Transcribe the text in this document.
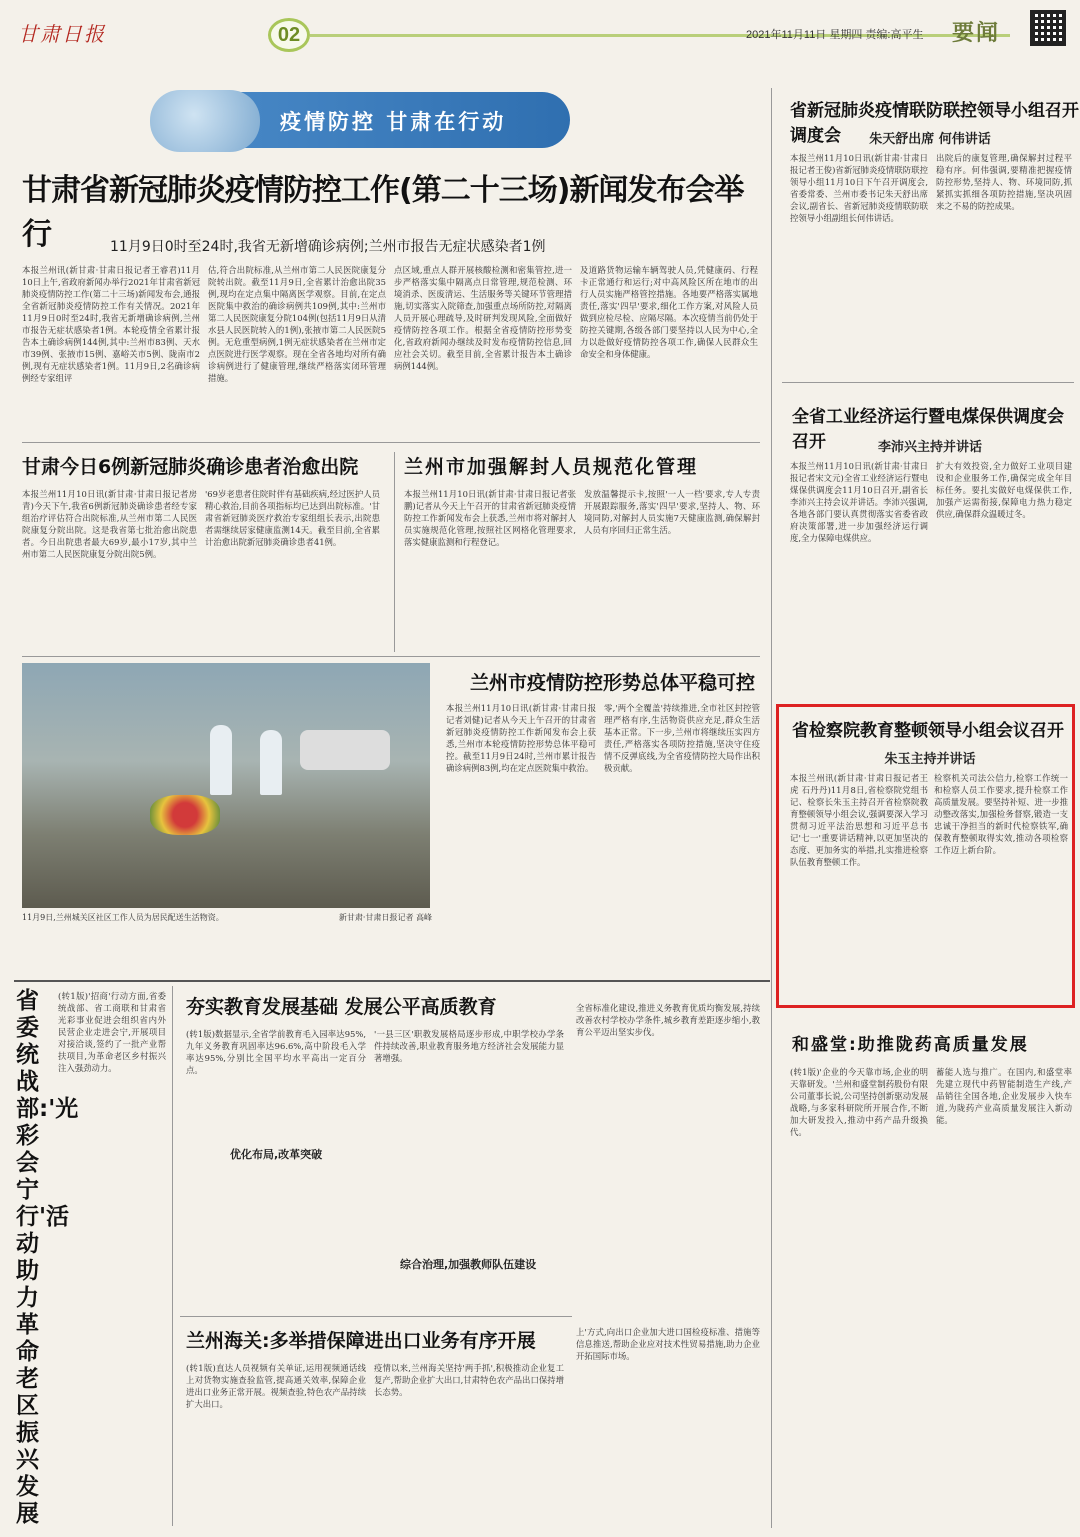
甘肃日报	02	2021年11月11日 星期四 责编:高平生 要闻
疫情防控 甘肃在行动
甘肃省新冠肺炎疫情防控工作(第二十三场)新闻发布会举行	11月9日0时至24时,我省无新增确诊病例;兰州市报告无症状感染者1例
本报兰州讯(新甘肃·甘肃日报记者王睿君)11月10日上午,省政府新闻办举行2021年甘肃省新冠肺炎疫情防控工作(第二十三场)新闻发布会,通报全省新冠肺炎疫情防控工作有关情况。2021年11月9日0时至24时,我省无新增确诊病例,兰州市报告无症状感染者1例。本轮疫情全省累计报告本土确诊病例144例,其中:兰州市83例、天水市39例、张掖市15例、嘉峪关市5例、陇南市2例,现有无症状感染者1例。11月9日,2名确诊病例经专家组评
估,符合出院标准,从兰州市第二人民医院康复分院转出院。截至11月9日,全省累计治愈出院35例,现均在定点集中隔离医学观察。目前,在定点医院集中救治的确诊病例共109例,其中:兰州市第二人民医院康复分院104例(包括11月9日从清水县人民医院转入的1例),张掖市第二人民医院5例。无危重型病例,1例无症状感染者在兰州市定点医院进行医学观察。现在全省各地均对所有确诊病例进行了健康管理,继续严格落实闭环管理措施。
点区域,重点人群开展核酸检测和密集管控,进一步严格落实集中隔离点日常管理,规范检测、环境消杀、医废清运、生活服务等关键环节管理措施,切实落实入院筛查,加强重点场所防控,对隔离人员开展心理疏导,及时研判发现风险,全面做好疫情防控各项工作。根据全省疫情防控形势变化,省政府新闻办继续及时发布疫情防控信息,回应社会关切。截至目前,全省累计报告本土确诊病例144例。
及道路货物运输车辆驾驶人员,凭健康码、行程卡正常通行和运行;对中高风险区所在地市的出行人员实施严格管控措施。各地要严格落实属地责任,落实'四早'要求,细化工作方案,对风险人员做到应检尽检、应隔尽隔。本次疫情当前仍处于防控关键期,各级各部门要坚持以人民为中心,全力以赴做好疫情防控各项工作,确保人民群众生命安全和身体健康。
甘肃今日6例新冠肺炎确诊患者治愈出院
本报兰州11月10日讯(新甘肃·甘肃日报记者房青)今天下午,我省6例新冠肺炎确诊患者经专家组治疗评估符合出院标准,从兰州市第二人民医院康复分院出院。这是我省第七批治愈出院患者。今日出院患者最大69岁,最小17岁,其中兰州市第二人民医院康复分院出院5例。
'69岁老患者住院时伴有基础疾病,经过医护人员精心救治,目前各项指标均已达到出院标准。'甘肃省新冠肺炎医疗救治专家组组长表示,出院患者需继续居家健康监测14天。截至目前,全省累计治愈出院新冠肺炎确诊患者41例。
兰州市加强解封人员规范化管理
本报兰州11月10日讯(新甘肃·甘肃日报记者张鹏)记者从今天上午召开的甘肃省新冠肺炎疫情防控工作新闻发布会上获悉,兰州市将对解封人员实施规范化管理,按照社区网格化管理要求,落实健康监测和行程登记。
发放温馨提示卡,按照'一人一档'要求,专人专责开展跟踪服务,落实'四早'要求,坚持人、物、环境同防,对解封人员实施7天健康监测,确保解封人员有序回归正常生活。
11月9日,兰州城关区社区工作人员为居民配送生活物资。	新甘肃·甘肃日报记者 高峰
兰州市疫情防控形势总体平稳可控
本报兰州11月10日讯(新甘肃·甘肃日报记者刘健)记者从今天上午召开的甘肃省新冠肺炎疫情防控工作新闻发布会上获悉,兰州市本轮疫情防控形势总体平稳可控。截至11月9日24时,兰州市累计报告确诊病例83例,均在定点医院集中救治。
零,'两个全覆盖'持续推进,全市社区封控管理严格有序,生活物资供应充足,群众生活基本正常。下一步,兰州市将继续压实四方责任,严格落实各项防控措施,坚决守住疫情不反弹底线,为全省疫情防控大局作出积极贡献。
省新冠肺炎疫情联防联控领导小组召开调度会	朱天舒出席 何伟讲话
本报兰州11月10日讯(新甘肃·甘肃日报记者王俊)省新冠肺炎疫情联防联控领导小组11月10日下午召开调度会,省委常委、兰州市委书记朱天舒出席会议,副省长、省新冠肺炎疫情联防联控领导小组副组长何伟讲话。
出院后的康复管理,确保解封过程平稳有序。何伟强调,要精准把握疫情防控形势,坚持人、物、环境同防,抓紧抓实抓细各项防控措施,坚决巩固来之不易的防控成果。
全省工业经济运行暨电煤保供调度会召开	李沛兴主持并讲话
本报兰州11月10日讯(新甘肃·甘肃日报记者宋文元)全省工业经济运行暨电煤保供调度会11月10日召开,副省长李沛兴主持会议并讲话。李沛兴强调,各地各部门要认真贯彻落实省委省政府决策部署,进一步加强经济运行调度,全力保障电煤供应。
扩大有效投资,全力做好工业项目建设和企业服务工作,确保完成全年目标任务。要扎实做好电煤保供工作,加强产运需衔接,保障电力热力稳定供应,确保群众温暖过冬。
省检察院教育整顿领导小组会议召开
朱玉主持并讲话
本报兰州讯(新甘肃·甘肃日报记者王虎 石丹丹)11月8日,省检察院党组书记、检察长朱玉主持召开省检察院教育整顿领导小组会议,强调要深入学习贯彻习近平法治思想和习近平总书记'七一'重要讲话精神,以更加坚决的态度、更加务实的举措,扎实推进检察队伍教育整顿工作。
检察机关司法公信力,检察工作统一和检察人员工作要求,提升检察工作高质量发展。要坚持补短、进一步推动整改落实,加强检务督察,锻造一支忠诚干净担当的新时代检察铁军,确保教育整顿取得实效,推动各项检察工作迈上新台阶。
和盛堂:助推陇药高质量发展
(转1版)'企业的今天靠市场,企业的明天靠研发。'兰州和盛堂制药股份有限公司董事长说,公司坚持创新驱动发展战略,与多家科研院所开展合作,不断加大研发投入,推动中药产品升级换代。
蓄能人选与推广。在国内,和盛堂率先建立现代中药智能制造生产线,产品销往全国各地,企业发展步入快车道,为陇药产业高质量发展注入新动能。
省委统战部:'光彩会宁行'活动助力革命老区振兴发展
(转1版)'招商'行动方面,省委统战部、省工商联和甘肃省光彩事业促进会组织省内外民营企业走进会宁,开展项目对接洽谈,签约了一批产业帮扶项目,为革命老区乡村振兴注入强劲动力。
夯实教育发展基础 发展公平高质教育
(转1版)数据显示,全省学前教育毛入园率达95%,九年义务教育巩固率达96.6%,高中阶段毛入学率达95%,分别比全国平均水平高出一定百分点。
'一县三区'职教发展格局逐步形成,中职学校办学条件持续改善,职业教育服务地方经济社会发展能力显著增强。
全省标准化建设,推进义务教育优质均衡发展,持续改善农村学校办学条件,城乡教育差距逐步缩小,教育公平迈出坚实步伐。
优化布局,改革突破
综合治理,加强教师队伍建设
兰州海关:多举措保障进出口业务有序开展
(转1版)直达人员视频有关单证,运用视频通话线上对货物实施查验监管,提高通关效率,保障企业进出口业务正常开展。视频查验,特色农产品持续扩大出口。
疫情以来,兰州海关坚持'两手抓',积极推动企业复工复产,帮助企业扩大出口,甘肃特色农产品出口保持增长态势。
上'方式,向出口企业加大进口国检疫标准、措施等信息推送,帮助企业应对技术性贸易措施,助力企业开拓国际市场。
